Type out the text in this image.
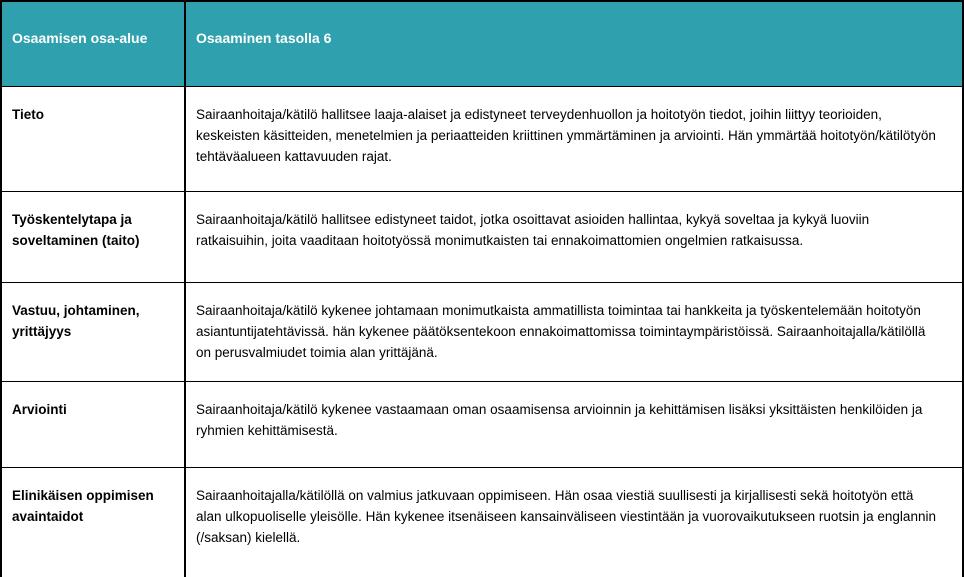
Osaamisen osa-alue	Osaaminen tasolla 6
Tieto	Sairaanhoitaja/kätilö hallitsee laaja-alaiset ja edistyneet terveydenhuollon ja hoitotyön tiedot, joihin liittyy teorioiden, keskeisten käsitteiden, menetelmien ja periaatteiden kriittinen ymmärtäminen ja arviointi. Hän ymmärtää hoitotyön/kätilötyön tehtäväalueen kattavuuden rajat.
Työskentelytapa ja soveltaminen (taito)	Sairaanhoitaja/kätilö hallitsee edistyneet taidot, jotka osoittavat asioiden hallintaa, kykyä soveltaa ja kykyä luoviin ratkaisuihin, joita vaaditaan hoitotyössä monimutkaisten tai ennakoimattomien ongelmien ratkaisussa.
Vastuu, johtaminen, yrittäjyys	Sairaanhoitaja/kätilö kykenee johtamaan monimutkaista ammatillista toimintaa tai hankkeita ja työskentelemään hoitotyön asiantuntijatehtävissä. hän kykenee päätöksentekoon ennakoimattomissa toimintaympäristöissä. Sairaanhoitajalla/kätilöllä on perusvalmiudet toimia alan yrittäjänä.
Arviointi	Sairaanhoitaja/kätilö kykenee vastaamaan oman osaamisensa arvioinnin ja kehittämisen lisäksi yksittäisten henkilöiden ja ryhmien kehittämisestä.
Elinikäisen oppimisen avaintaidot	Sairaanhoitajalla/kätilöllä on valmius jatkuvaan oppimiseen. Hän osaa viestiä suullisesti ja kirjallisesti sekä hoitotyön että alan ulkopuoliselle yleisölle. Hän kykenee itsenäiseen kansainväliseen viestintään ja vuorovaikutukseen ruotsin ja englannin (/saksan) kielellä.
